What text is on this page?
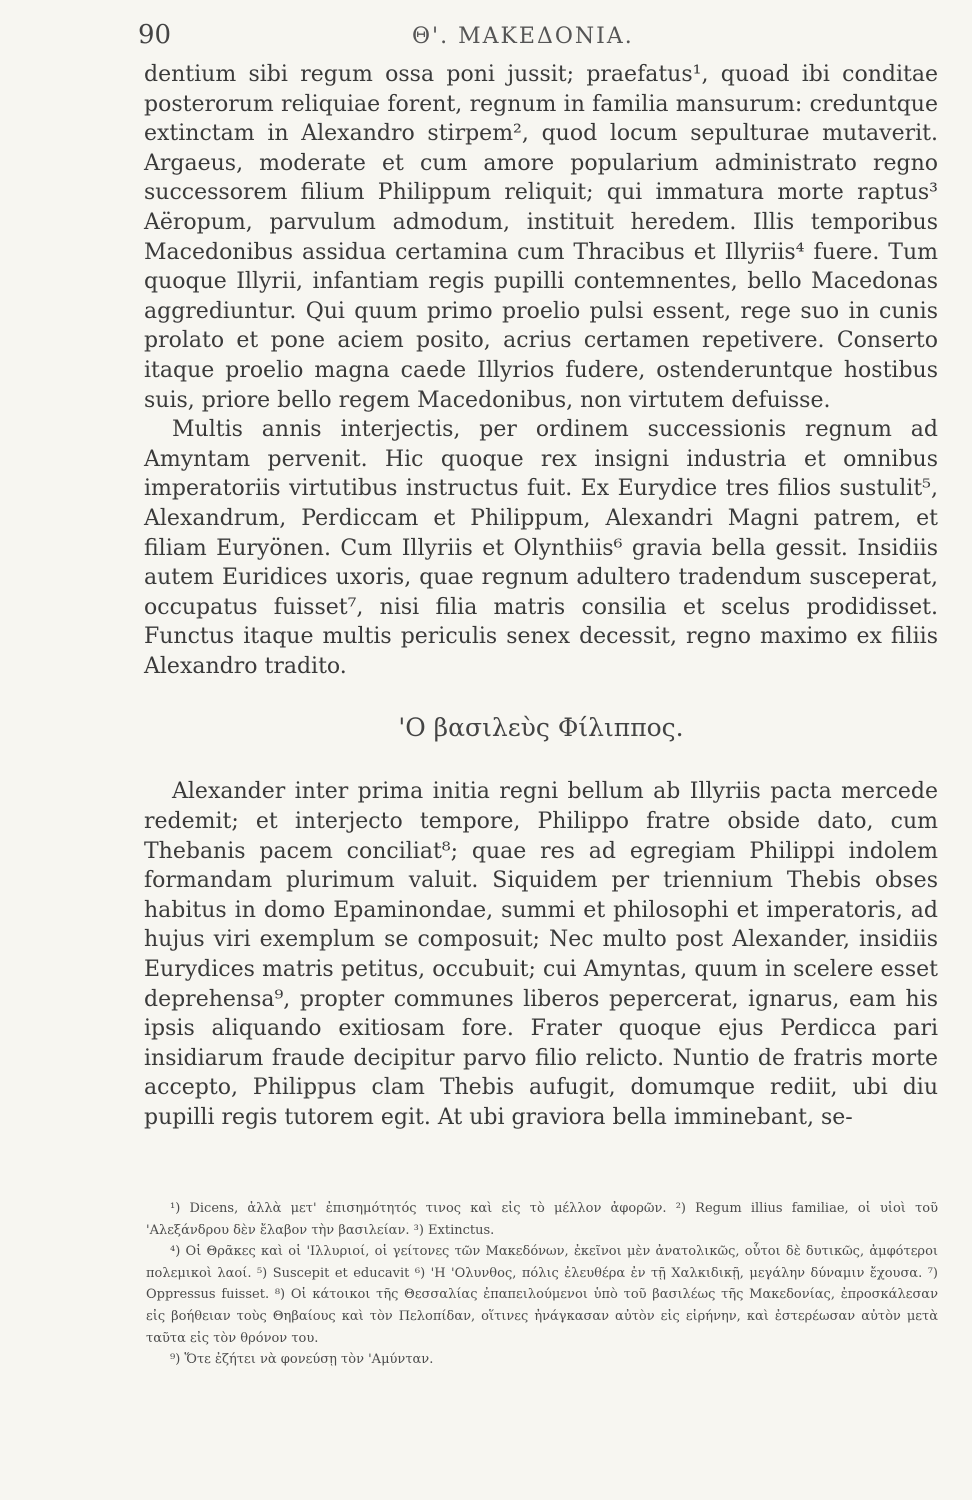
90	Θ'. ΜΑΚΕΔΟΝΙΑ.

dentium sibi regum ossa poni jussit; praefatus¹, quoad ibi conditae posterorum reliquiae forent, regnum in familia mansurum: creduntque extinctam in Alexandro stirpem², quod locum sepulturae mutaverit. Argaeus, moderate et cum amore popularium administrato regno successorem filium Philippum reliquit; qui immatura morte raptus³ Aëropum, parvulum admodum, instituit heredem. Illis temporibus Macedonibus assidua certamina cum Thracibus et Illyriis⁴ fuere. Tum quoque Illyrii, infantiam regis pupilli contemnentes, bello Macedonas aggrediuntur. Qui quum primo proelio pulsi essent, rege suo in cunis prolato et pone aciem posito, acrius certamen repetivere. Conserto itaque proelio magna caede Illyrios fudere, ostenderuntque hostibus suis, priore bello regem Macedonibus, non virtutem defuisse.

Multis annis interjectis, per ordinem successionis regnum ad Amyntam pervenit. Hic quoque rex insigni industria et omnibus imperatoriis virtutibus instructus fuit. Ex Eurydice tres filios sustulit⁵, Alexandrum, Perdiccam et Philippum, Alexandri Magni patrem, et filiam Euryönen. Cum Illyriis et Olynthiis⁶ gravia bella gessit. Insidiis autem Euridices uxoris, quae regnum adultero tradendum susceperat, occupatus fuisset⁷, nisi filia matris consilia et scelus prodidisset. Functus itaque multis periculis senex decessit, regno maximo ex filiis Alexandro tradito.

'Ο βασιλεὺς Φίλιππος.

Alexander inter prima initia regni bellum ab Illyriis pacta mercede redemit; et interjecto tempore, Philippo fratre obside dato, cum Thebanis pacem conciliat⁸; quae res ad egregiam Philippi indolem formandam plurimum valuit. Siquidem per triennium Thebis obses habitus in domo Epaminondae, summi et philosophi et imperatoris, ad hujus viri exemplum se composuit; Nec multo post Alexander, insidiis Eurydices matris petitus, occubuit; cui Amyntas, quum in scelere esset deprehensa⁹, propter communes liberos pepercerat, ignarus, eam his ipsis aliquando exitiosam fore. Frater quoque ejus Perdicca pari insidiarum fraude decipitur parvo filio relicto. Nuntio de fratris morte accepto, Philippus clam Thebis aufugit, domumque rediit, ubi diu pupilli regis tutorem egit. At ubi graviora bella imminebant, se-

¹) Dicens, ἀλλὰ μετ' ἐπισημότητός τινος καὶ εἰς τὸ μέλλον ἀφορῶν. ²) Regum illius familiae, οἱ υἱοὶ τοῦ 'Αλεξάνδρου δὲν ἔλαβον τὴν βασιλείαν. ³) Extinctus.

⁴) Οἱ Θρᾶκες καὶ οἱ 'Ιλλυριοί, οἱ γείτονες τῶν Μακεδόνων, ἐκεῖνοι μὲν ἀνατολικῶς, οὗτοι δὲ δυτικῶς, ἀμφότεροι πολεμικοὶ λαοί. ⁵) Suscepit et educavit ⁶) 'Η 'Ολυνθος, πόλις ἐλευθέρα ἐν τῇ Χαλκιδικῇ, μεγάλην δύναμιν ἔχουσα. ⁷) Oppressus fuisset. ⁸) Οἱ κάτοικοι τῆς Θεσσαλίας ἐπαπειλούμενοι ὑπὸ τοῦ βασιλέως τῆς Μακεδονίας, ἐπροσκάλεσαν εἰς βοήθειαν τοὺς Θηβαίους καὶ τὸν Πελοπίδαν, οἵτινες ἠνάγκασαν αὐτὸν εἰς εἰρήνην, καὶ ἐστερέωσαν αὐτὸν μετὰ ταῦτα εἰς τὸν θρόνον του.

⁹) Ὅτε ἐζήτει νὰ φονεύσῃ τὸν 'Αμύνταν.
